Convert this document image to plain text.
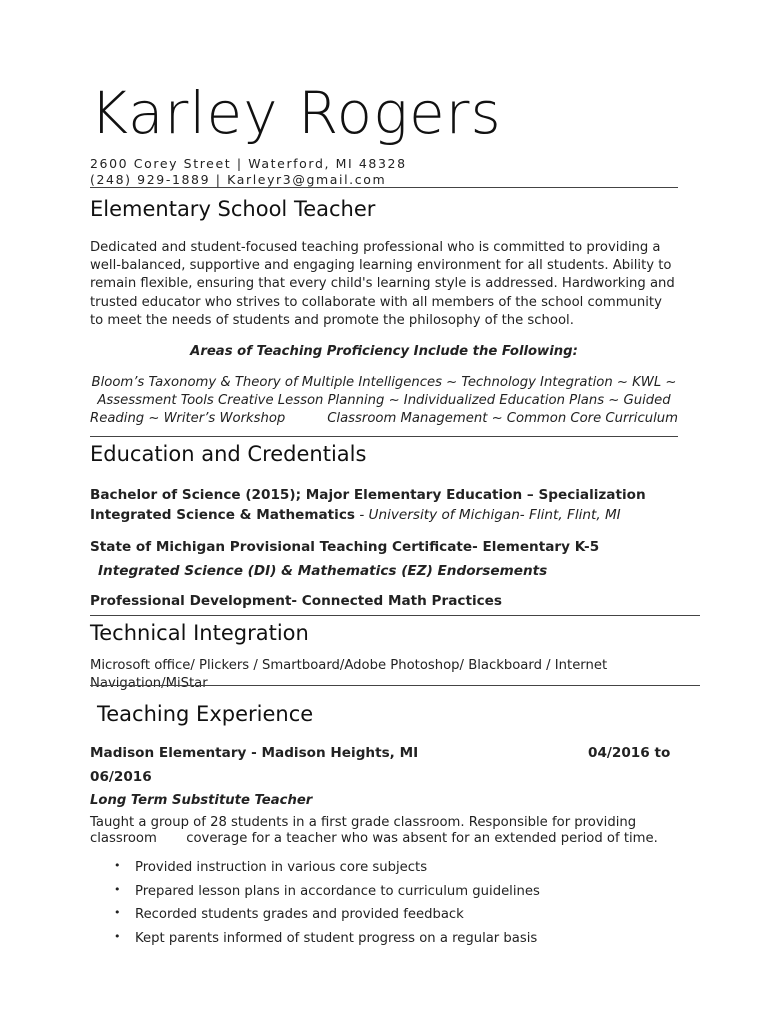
Karley Rogers
2600 Corey Street | Waterford, MI 48328
(248) 929-1889 | Karleyr3@gmail.com
Elementary School Teacher
Dedicated and student-focused teaching professional who is committed to providing a
well-balanced, supportive and engaging learning environment for all students. Ability to
remain flexible, ensuring that every child's learning style is addressed. Hardworking and
trusted educator who strives to collaborate with all members of the school community
to meet the needs of students and promote the philosophy of the school.
Areas of Teaching Proficiency Include the Following:
Bloom’s Taxonomy & Theory of Multiple Intelligences ~ Technology Integration ~ KWL ~
Assessment Tools Creative Lesson Planning ~ Individualized Education Plans ~ Guided
Reading ~ Writer’s Workshop          Classroom Management ~ Common Core Curriculum
Education and Credentials
Bachelor of Science (2015); Major Elementary Education – Specialization
Integrated Science & Mathematics - University of Michigan- Flint, Flint, MI
State of Michigan Provisional Teaching Certificate- Elementary K-5
Integrated Science (DI) & Mathematics (EZ) Endorsements
Professional Development- Connected Math Practices
Technical Integration
Microsoft office/ Plickers / Smartboard/Adobe Photoshop/ Blackboard / Internet
Navigation/MiStar
Teaching Experience
Madison Elementary - Madison Heights, MI	04/2016 to
06/2016
Long Term Substitute Teacher
Taught a group of 28 students in a first grade classroom. Responsible for providing
classroom       coverage for a teacher who was absent for an extended period of time.
• Provided instruction in various core subjects
• Prepared lesson plans in accordance to curriculum guidelines
• Recorded students grades and provided feedback
• Kept parents informed of student progress on a regular basis
